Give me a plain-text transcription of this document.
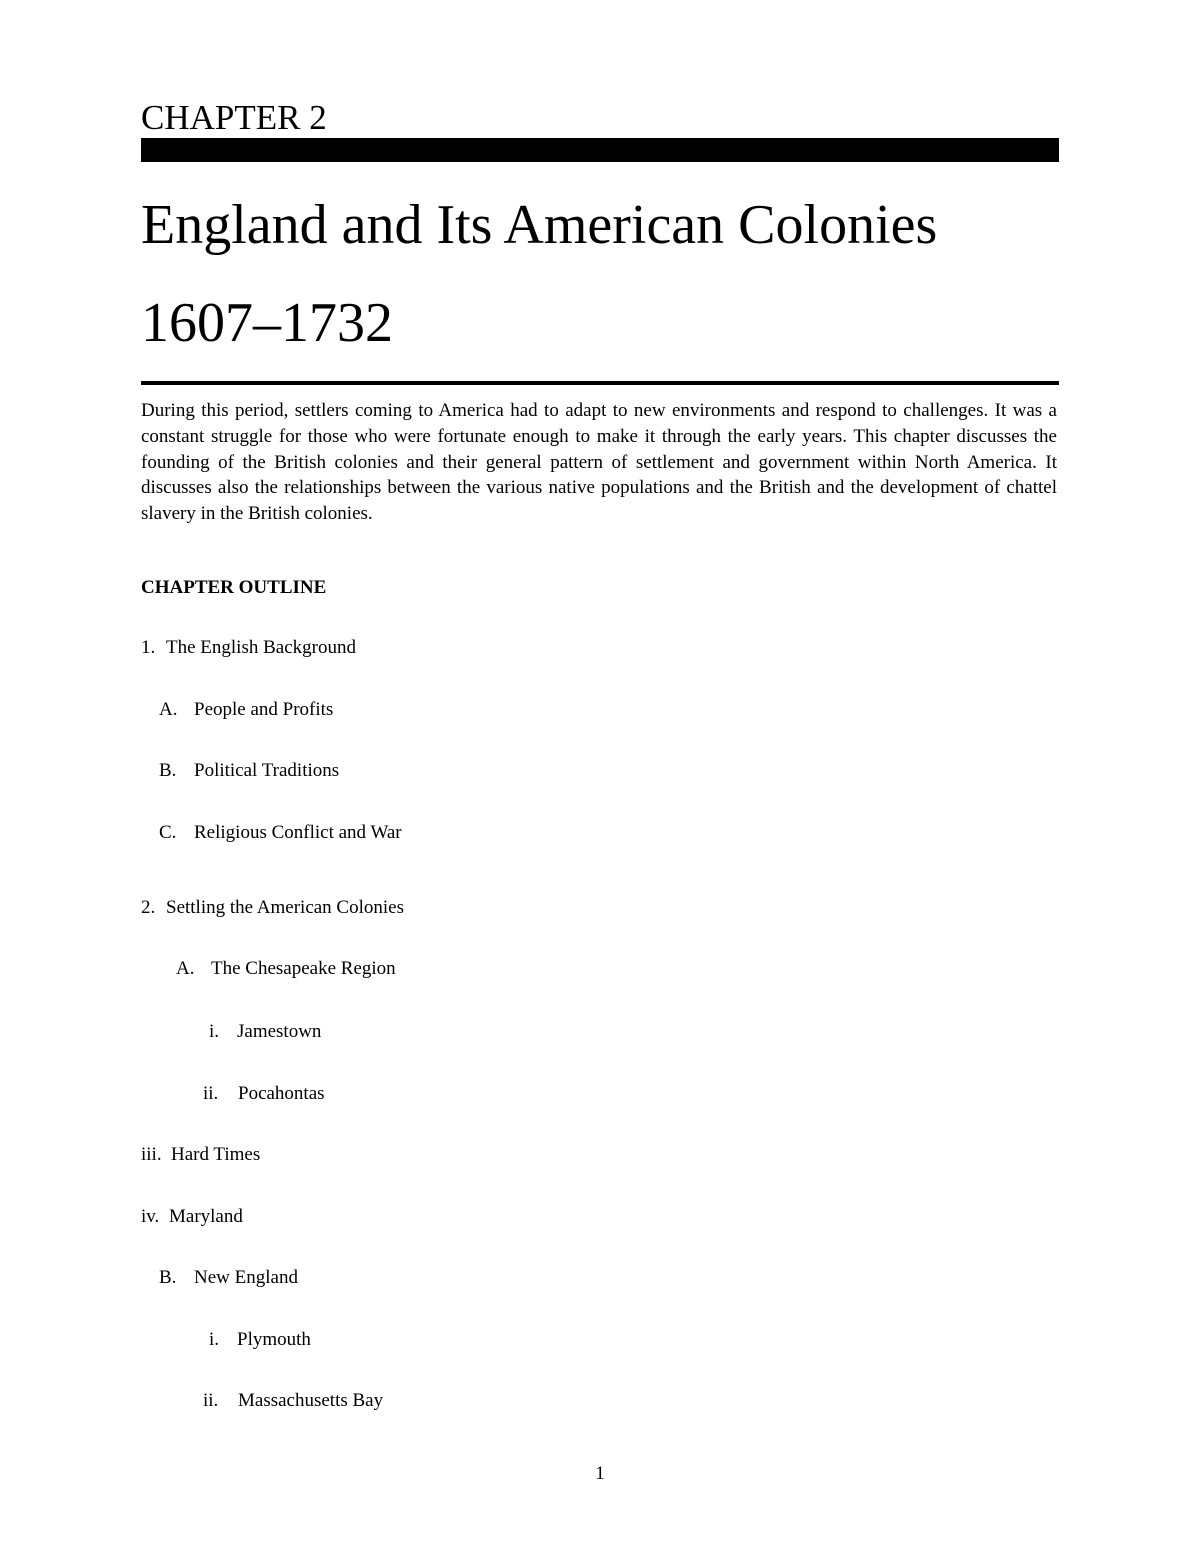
CHAPTER 2
England and Its American Colonies
1607–1732

During this period, settlers coming to America had to adapt to new environments and respond to challenges. It was a constant struggle for those who were fortunate enough to make it through the early years. This chapter discusses the founding of the British colonies and their general pattern of settlement and government within North America. It discusses also the relationships between the various native populations and the British and the development of chattel slavery in the British colonies.

CHAPTER OUTLINE
1. The English Background
A. People and Profits
B. Political Traditions
C. Religious Conflict and War
2. Settling the American Colonies
A. The Chesapeake Region
i. Jamestown
ii. Pocahontas
iii. Hard Times
iv. Maryland
B. New England
i. Plymouth
ii. Massachusetts Bay
1
